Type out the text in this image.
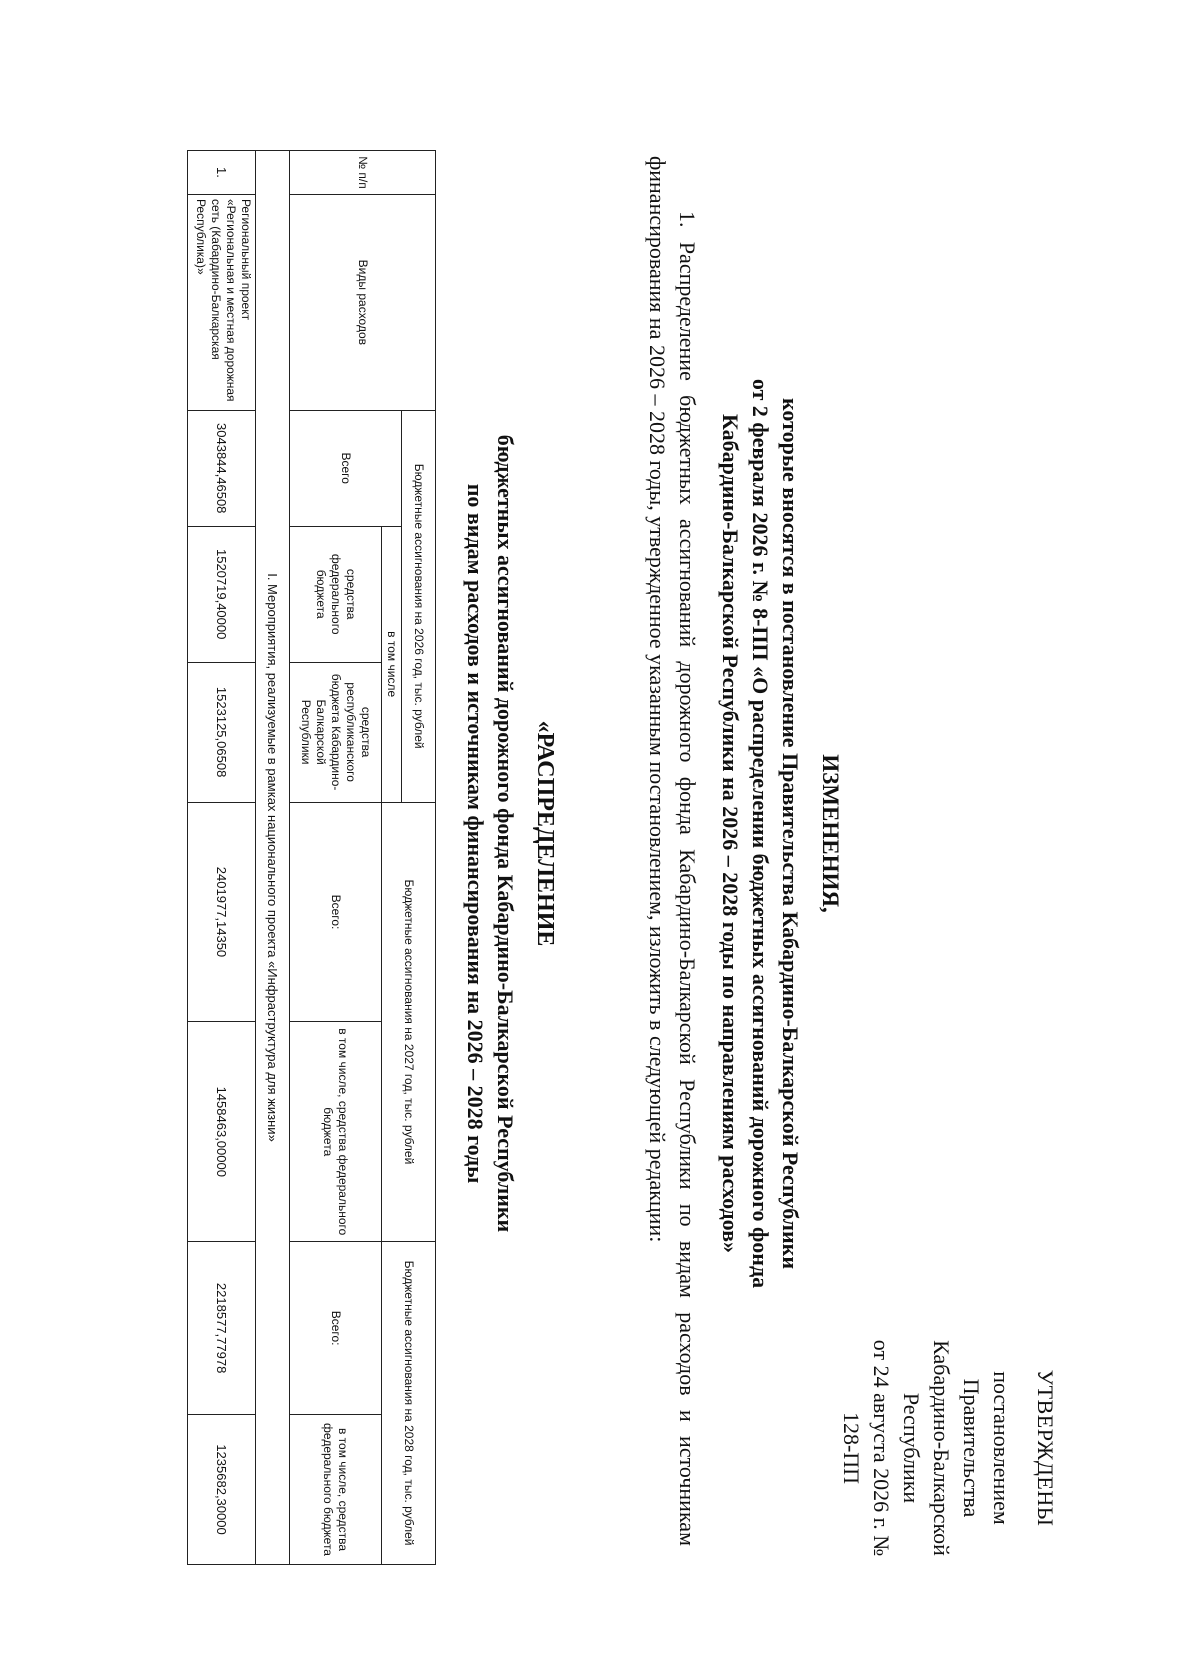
УТВЕРЖДЕНЫ
постановлением Правительства
Кабардино-Балкарской Республики
от 24 августа 2026 г. № 128-ПП
ИЗМЕНЕНИЯ,
которые вносятся в постановление Правительства Кабардино-Балкарской Республики
от 2 февраля 2026 г. № 8-ПП «О распределении бюджетных ассигнований дорожного фонда
Кабардино-Балкарской Республики на 2026 – 2028 годы по направлениям расходов»
1. Распределение бюджетных ассигнований дорожного фонда Кабардино-Балкарской Республики по видам расходов и источникам финансирования на 2026 – 2028 годы, утвержденное указанным постановлением, изложить в следующей редакции:
«РАСПРЕДЕЛЕНИЕ
бюджетных ассигнований дорожного фонда Кабардино-Балкарской Республики
по видам расходов и источникам финансирования на 2026 – 2028 годы
№ п/п	Виды расходов	Бюджетные ассигнования на 2026 год, тыс. рублей			Бюджетные ассигнования на 2027 год, тыс. рублей		Бюджетные ассигнования на 2028 год, тыс. рублей	
		Всего	в том числе					
			средства федерального бюджета	средства республиканского бюджета Кабардино-Балкарской Республики	Всего:	в том числе, средства федерального бюджета	Всего:	в том числе, средства федерального бюджета
I. Мероприятия, реализуемые в рамках национального проекта «Инфраструктура для жизни»								
1.	Региональный проект «Региональная и местная дорожная сеть (Кабардино-Балкарская Республика)»	3043844,46508	1520719,40000	1523125,06508	2401977,14350	1458463,00000	2218577,77978	1235682,30000
